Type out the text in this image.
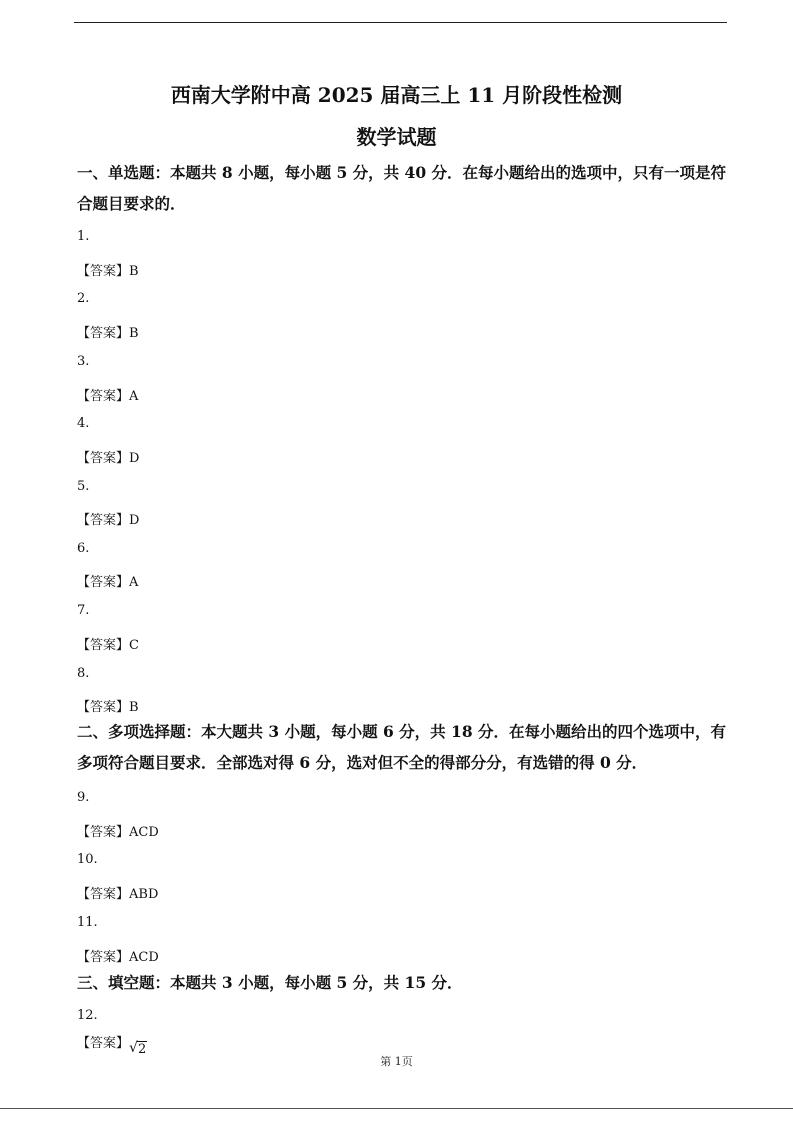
西南大学附中高 2025 届高三上 11 月阶段性检测
数学试题
一、单选题：本题共 8 小题，每小题 5 分，共 40 分．在每小题给出的选项中，只有一项是符合题目要求的．
1.
【答案】B
2.
【答案】B
3.
【答案】A
4.
【答案】D
5.
【答案】D
6.
【答案】A
7.
【答案】C
8.
【答案】B
二、多项选择题：本大题共 3 小题，每小题 6 分，共 18 分．在每小题给出的四个选项中，有多项符合题目要求．全部选对得 6 分，选对但不全的得部分分，有选错的得 0 分．
9.
【答案】ACD
10.
【答案】ABD
11.
【答案】ACD
三、填空题：本题共 3 小题，每小题 5 分，共 15 分．
12.
【答案】 √ 2
第 1页
